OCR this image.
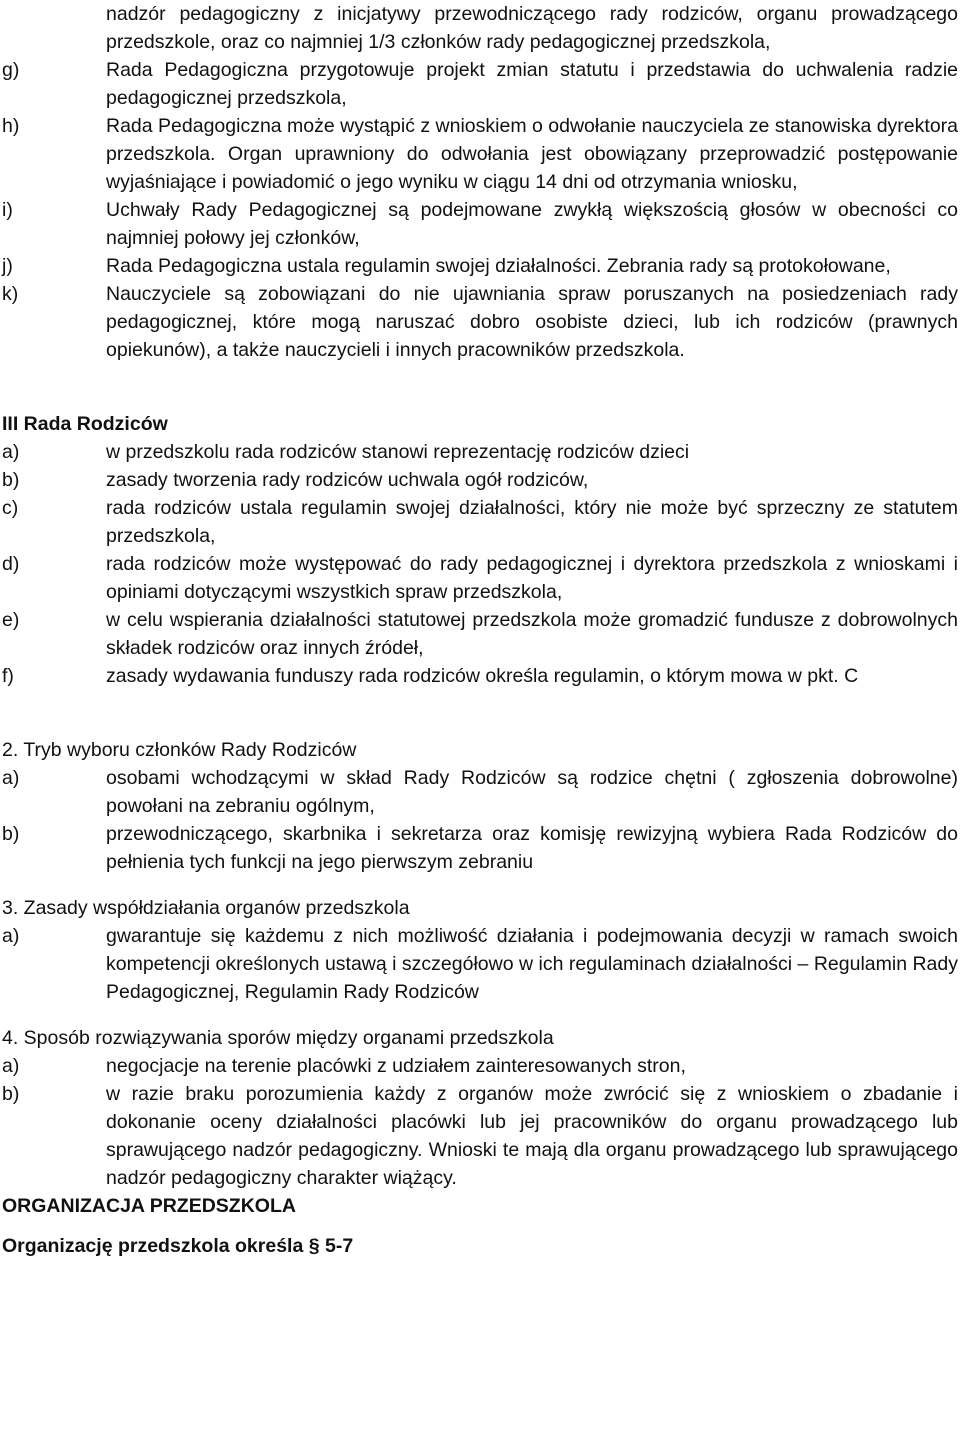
nadzór pedagogiczny z inicjatywy przewodniczącego rady rodziców, organu prowadzącego przedszkole, oraz co najmniej 1/3 członków rady pedagogicznej przedszkola,
g)	Rada Pedagogiczna przygotowuje projekt zmian statutu i przedstawia do uchwalenia radzie pedagogicznej przedszkola,
h)	Rada Pedagogiczna może wystąpić z wnioskiem o odwołanie nauczyciela ze stanowiska dyrektora przedszkola. Organ uprawniony do odwołania jest obowiązany przeprowadzić postępowanie wyjaśniające i powiadomić o jego wyniku w ciągu 14 dni od otrzymania wniosku,
i)	Uchwały Rady Pedagogicznej są podejmowane zwykłą większością głosów w obecności co najmniej połowy jej członków,
j)	Rada Pedagogiczna ustala regulamin swojej działalności. Zebrania rady są protokołowane,
k)	Nauczyciele są zobowiązani do nie ujawniania spraw poruszanych na posiedzeniach rady pedagogicznej, które mogą naruszać dobro osobiste dzieci, lub ich rodziców (prawnych opiekunów), a także nauczycieli i innych pracowników przedszkola.
III Rada Rodziców
a)	w przedszkolu rada rodziców stanowi reprezentację rodziców dzieci
b)	zasady tworzenia rady rodziców uchwala ogół rodziców,
c)	rada rodziców ustala regulamin swojej działalności, który nie może być sprzeczny ze statutem przedszkola,
d)	rada rodziców może występować do rady pedagogicznej i dyrektora przedszkola z wnioskami i opiniami dotyczącymi wszystkich spraw przedszkola,
e)	w celu wspierania działalności statutowej przedszkola może gromadzić fundusze z dobrowolnych składek rodziców oraz innych źródeł,
f)	zasady wydawania funduszy rada rodziców określa regulamin, o którym mowa w pkt. C
2. Tryb wyboru członków Rady Rodziców
a)	osobami wchodzącymi w skład Rady Rodziców są rodzice chętni ( zgłoszenia dobrowolne) powołani na zebraniu ogólnym,
b)	przewodniczącego, skarbnika i sekretarza oraz komisję rewizyjną wybiera Rada Rodziców do pełnienia tych funkcji na jego pierwszym zebraniu
3. Zasady współdziałania organów przedszkola
a)	gwarantuje się każdemu z nich możliwość działania i podejmowania decyzji w ramach swoich kompetencji określonych ustawą i szczegółowo w ich regulaminach działalności – Regulamin Rady Pedagogicznej, Regulamin Rady Rodziców
4. Sposób rozwiązywania sporów między organami przedszkola
a)	negocjacje na terenie placówki z udziałem zainteresowanych stron,
b)	w razie braku porozumienia każdy z organów może zwrócić się z wnioskiem o zbadanie i dokonanie oceny działalności placówki lub jej pracowników do organu prowadzącego lub sprawującego nadzór pedagogiczny. Wnioski te mają dla organu prowadzącego lub sprawującego nadzór pedagogiczny charakter wiążący.
ORGANIZACJA PRZEDSZKOLA
Organizację przedszkola określa § 5-7
